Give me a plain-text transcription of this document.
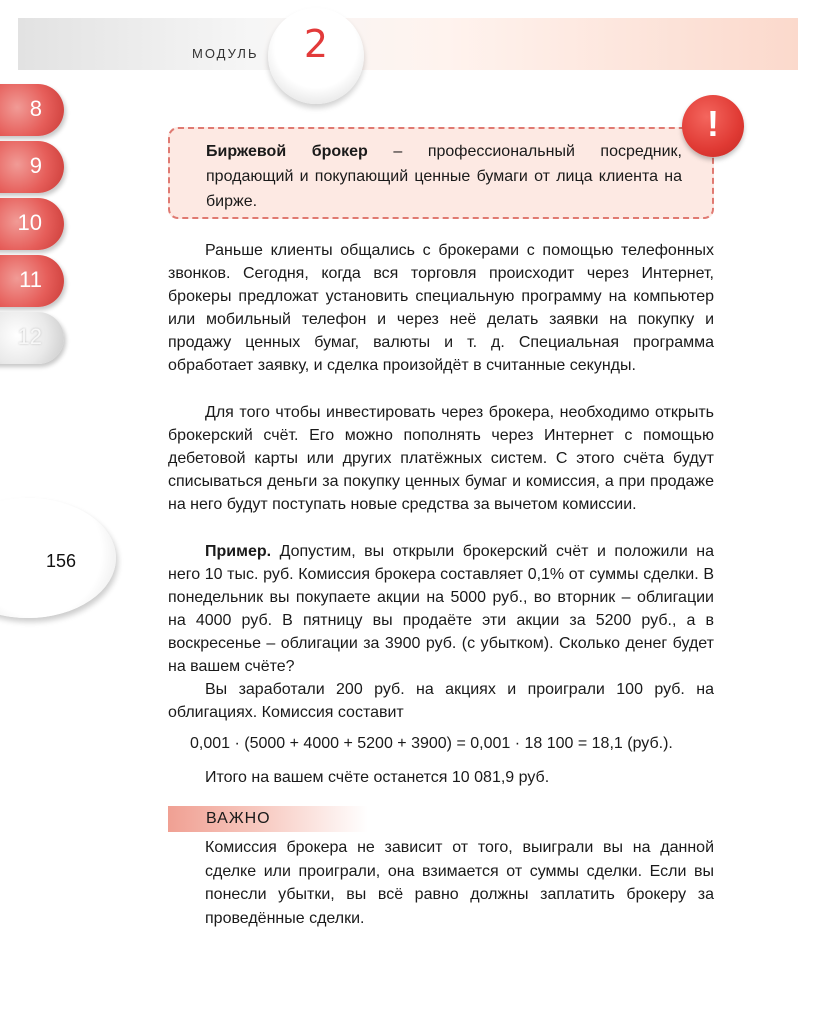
МОДУЛЬ	2
8
9
10
11
12
156
Биржевой брокер – профессиональный посредник, продающий и покупающий ценные бумаги от лица клиента на бирже.
!

Раньше клиенты общались с брокерами с помощью телефонных звонков. Сегодня, когда вся торговля происходит через Интернет, брокеры предложат установить специальную программу на компьютер или мобильный телефон и через неё делать заявки на покупку и продажу ценных бумаг, валюты и т. д. Специальная программа обработает заявку, и сделка произойдёт в считанные секунды.

Для того чтобы инвестировать через брокера, необходимо открыть брокерский счёт. Его можно пополнять через Интернет с помощью дебетовой карты или других платёжных систем. С этого счёта будут списываться деньги за покупку ценных бумаг и комиссия, а при продаже на него будут поступать новые средства за вычетом комиссии.

Пример. Допустим, вы открыли брокерский счёт и положили на него 10 тыс. руб. Комиссия брокера составляет 0,1% от суммы сделки. В понедельник вы покупаете акции на 5000 руб., во вторник – облигации на 4000 руб. В пятницу вы продаёте эти акции за 5200 руб., а в воскресенье – облигации за 3900 руб. (с убытком). Сколько денег будет на вашем счёте?

Вы заработали 200 руб. на акциях и проиграли 100 руб. на облигациях. Комиссия составит

0,001 · (5000 + 4000 + 5200 + 3900) = 0,001 · 18 100 = 18,1 (руб.).
Итого на вашем счёте останется 10 081,9 руб.
ВАЖНО

Комиссия брокера не зависит от того, выиграли вы на данной сделке или проиграли, она взимается от суммы сделки. Если вы понесли убытки, вы всё равно должны заплатить брокеру за проведённые сделки.
